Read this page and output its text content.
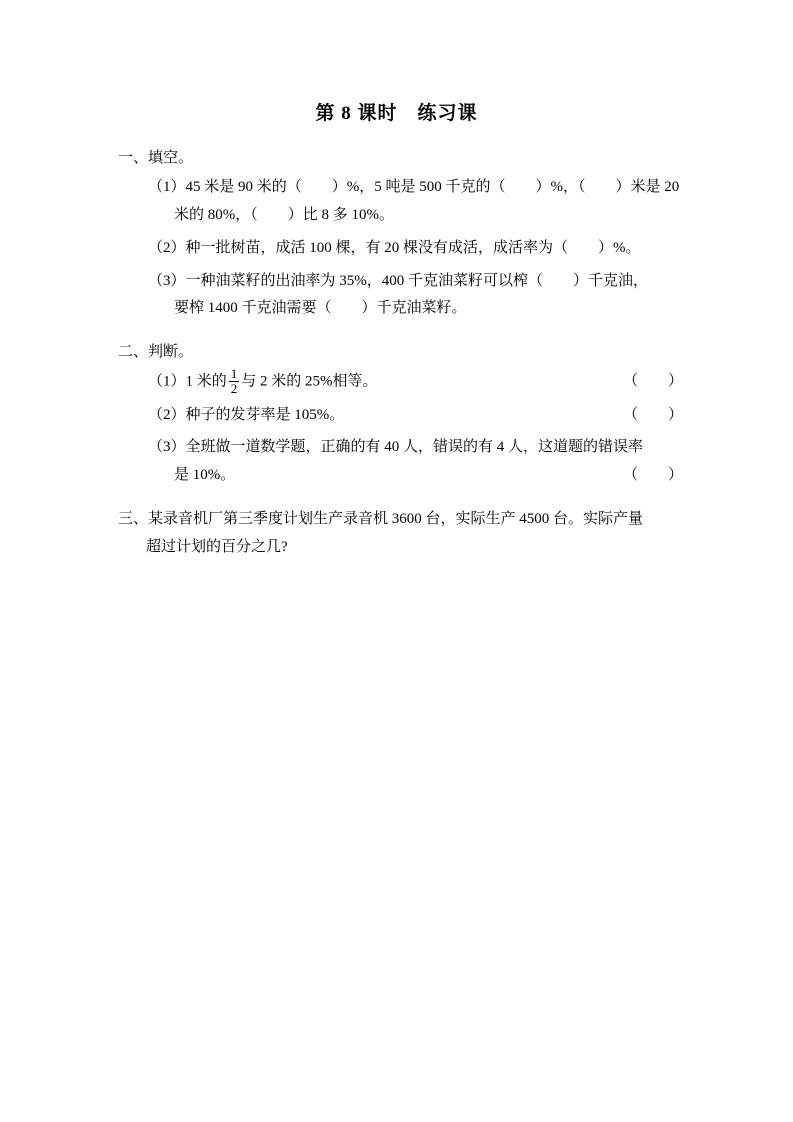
第 8 课时　练习课
一、填空。
（1）45 米是 90 米的（　　）%，5 吨是 500 千克的（　　）%，（　　）米是 20
米的 80%，（　　）比 8 多 10%。
（2）种一批树苗，成活 100 棵，有 20 棵没有成活，成活率为（　　）%。
（3）一种油菜籽的出油率为 35%，400 千克油菜籽可以榨（　　）千克油，
要榨 1400 千克油需要（　　）千克油菜籽。
二、判断。
（1）1 米的 $\frac{1}{2}$ 与 2 米的 25%相等。	（　　）
（2）种子的发芽率是 105%。	（　　）
（3）全班做一道数学题，正确的有 40 人，错误的有 4 人，这道题的错误率
是 10%。	（　　）
三、某录音机厂第三季度计划生产录音机 3600 台，实际生产 4500 台。实际产量
超过计划的百分之几?
